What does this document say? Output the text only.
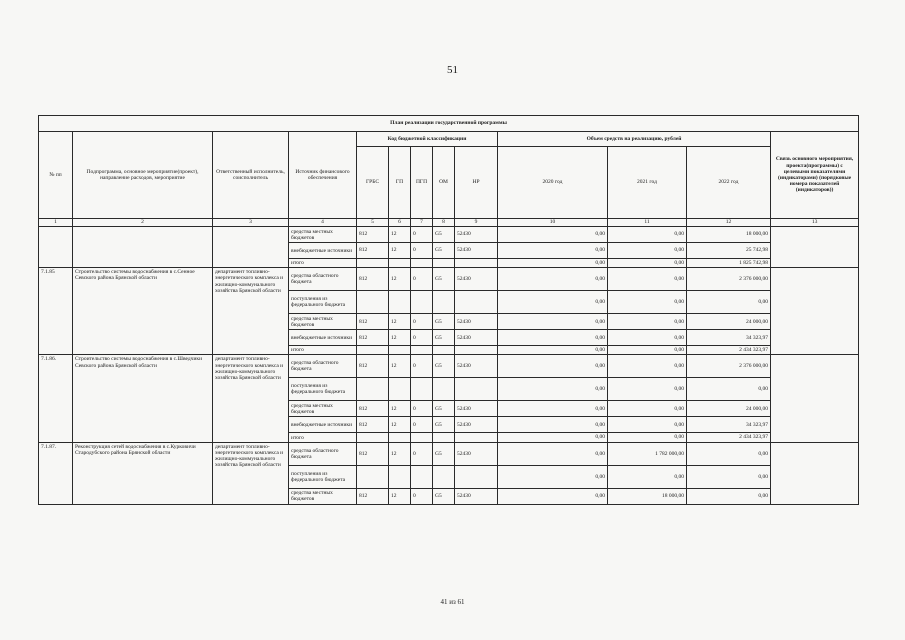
51
План реализации государственной программы												
№ пп	Подпрограмма, основное мероприятие(проект), направление расходов, мероприятие	Ответственный исполнитель, соисполнитель	Источник финансового обеспечения	Код бюджетной классификации					Объем средств на реализацию, рублей			Связь основного мероприятия, проекта(программы) с целевыми показателями (индикаторами) (порядковые номера показателей (индикаторов))
				ГРБС	ГП	ПГП	ОМ	НР	2020 год	2021 год	2022 год	
1	2	3	4	5	6	7	8	9	10	11	12	13
			средства местных бюджетов	812	12	0	G5	52430	0,00	0,00	18 000,00	
			внебюджетные источники	812	12	0	G5	52430	0,00	0,00	25 742,98	
			итого						0,00	0,00	1 825 742,98	
7.1.85	Строительство системы водоснабжения в с.Сенное Севского района Брянской области	департамент топливно-энергетического комплекса и жилищно-коммунального хозяйства Брянской области	средства областного бюджета	812	12	0	G5	52430	0,00	0,00	2 376 000,00	
			поступления из федерального бюджета						0,00	0,00	0,00	
			средства местных бюджетов	812	12	0	G5	52430	0,00	0,00	24 000,00	
			внебюджетные источники	812	12	0	G5	52430	0,00	0,00	34 323,97	
			итого						0,00	0,00	2 434 323,97	
7.1.86.	Строительство системы водоснабжения в с.Шведчики Севского района Брянской области	департамент топливно-энергетического комплекса и жилищно-коммунального хозяйства Брянской области	средства областного бюджета	812	12	0	G5	52430	0,00	0,00	2 376 000,00	
			поступления из федерального бюджета						0,00	0,00	0,00	
			средства местных бюджетов	812	12	0	G5	52430	0,00	0,00	24 000,00	
			внебюджетные источники	812	12	0	G5	52430	0,00	0,00	34 323,97	
			итого						0,00	0,00	2 434 323,97	
7.1.87.	Реконструкция сетей водоснабжения в с.Курковичи Стародубского района Брянской области	департамент топливно-энергетического комплекса и жилищно-коммунального хозяйства Брянской области	средства областного бюджета	812	12	0	G5	52430	0,00	1 782 000,00	0,00	
			поступления из федерального бюджета						0,00	0,00	0,00	
			средства местных бюджетов	812	12	0	G5	52430	0,00	18 000,00	0,00	
41 из 61
